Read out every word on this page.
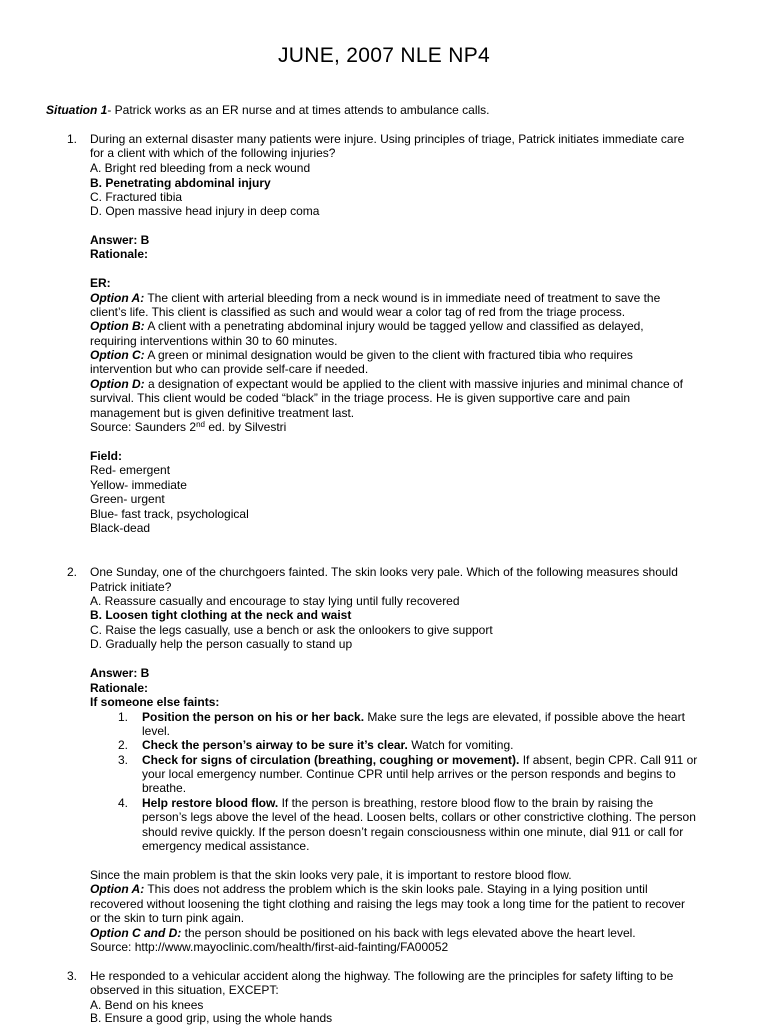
JUNE, 2007 NLE NP4
Situation 1- Patrick works as an ER nurse and at times attends to ambulance calls.
1. During an external disaster many patients were injure. Using principles of triage, Patrick initiates immediate care
for a client with which of the following injuries?
A. Bright red bleeding from a neck wound
B. Penetrating abdominal injury
C. Fractured tibia
D. Open massive head injury in deep coma
Answer: B
Rationale:
ER:
Option A: The client with arterial bleeding from a neck wound is in immediate need of treatment to save the
client’s life. This client is classified as such and would wear a color tag of red from the triage process.
Option B: A client with a penetrating abdominal injury would be tagged yellow and classified as delayed,
requiring interventions within 30 to 60 minutes.
Option C: A green or minimal designation would be given to the client with fractured tibia who requires
intervention but who can provide self-care if needed.
Option D: a designation of expectant would be applied to the client with massive injuries and minimal chance of
survival. This client would be coded “black” in the triage process. He is given supportive care and pain
management but is given definitive treatment last.
Source: Saunders 2nd ed. by Silvestri
Field:
Red- emergent
Yellow- immediate
Green- urgent
Blue- fast track, psychological
Black-dead
2. One Sunday, one of the churchgoers fainted. The skin looks very pale. Which of the following measures should
Patrick initiate?
A. Reassure casually and encourage to stay lying until fully recovered
B. Loosen tight clothing at the neck and waist
C. Raise the legs casually, use a bench or ask the onlookers to give support
D. Gradually help the person casually to stand up
Answer: B
Rationale:
If someone else faints:
1. Position the person on his or her back. Make sure the legs are elevated, if possible above the heart
level.
2. Check the person’s airway to be sure it’s clear. Watch for vomiting.
3. Check for signs of circulation (breathing, coughing or movement). If absent, begin CPR. Call 911 or
your local emergency number. Continue CPR until help arrives or the person responds and begins to
breathe.
4. Help restore blood flow. If the person is breathing, restore blood flow to the brain by raising the
person’s legs above the level of the head. Loosen belts, collars or other constrictive clothing. The person
should revive quickly. If the person doesn’t regain consciousness within one minute, dial 911 or call for
emergency medical assistance.
Since the main problem is that the skin looks very pale, it is important to restore blood flow.
Option A: This does not address the problem which is the skin looks pale. Staying in a lying position until
recovered without loosening the tight clothing and raising the legs may took a long time for the patient to recover
or the skin to turn pink again.
Option C and D: the person should be positioned on his back with legs elevated above the heart level.
Source: http://www.mayoclinic.com/health/first-aid-fainting/FA00052
3. He responded to a vehicular accident along the highway. The following are the principles for safety lifting to be
observed in this situation, EXCEPT:
A. Bend on his knees
B. Ensure a good grip, using the whole hands
